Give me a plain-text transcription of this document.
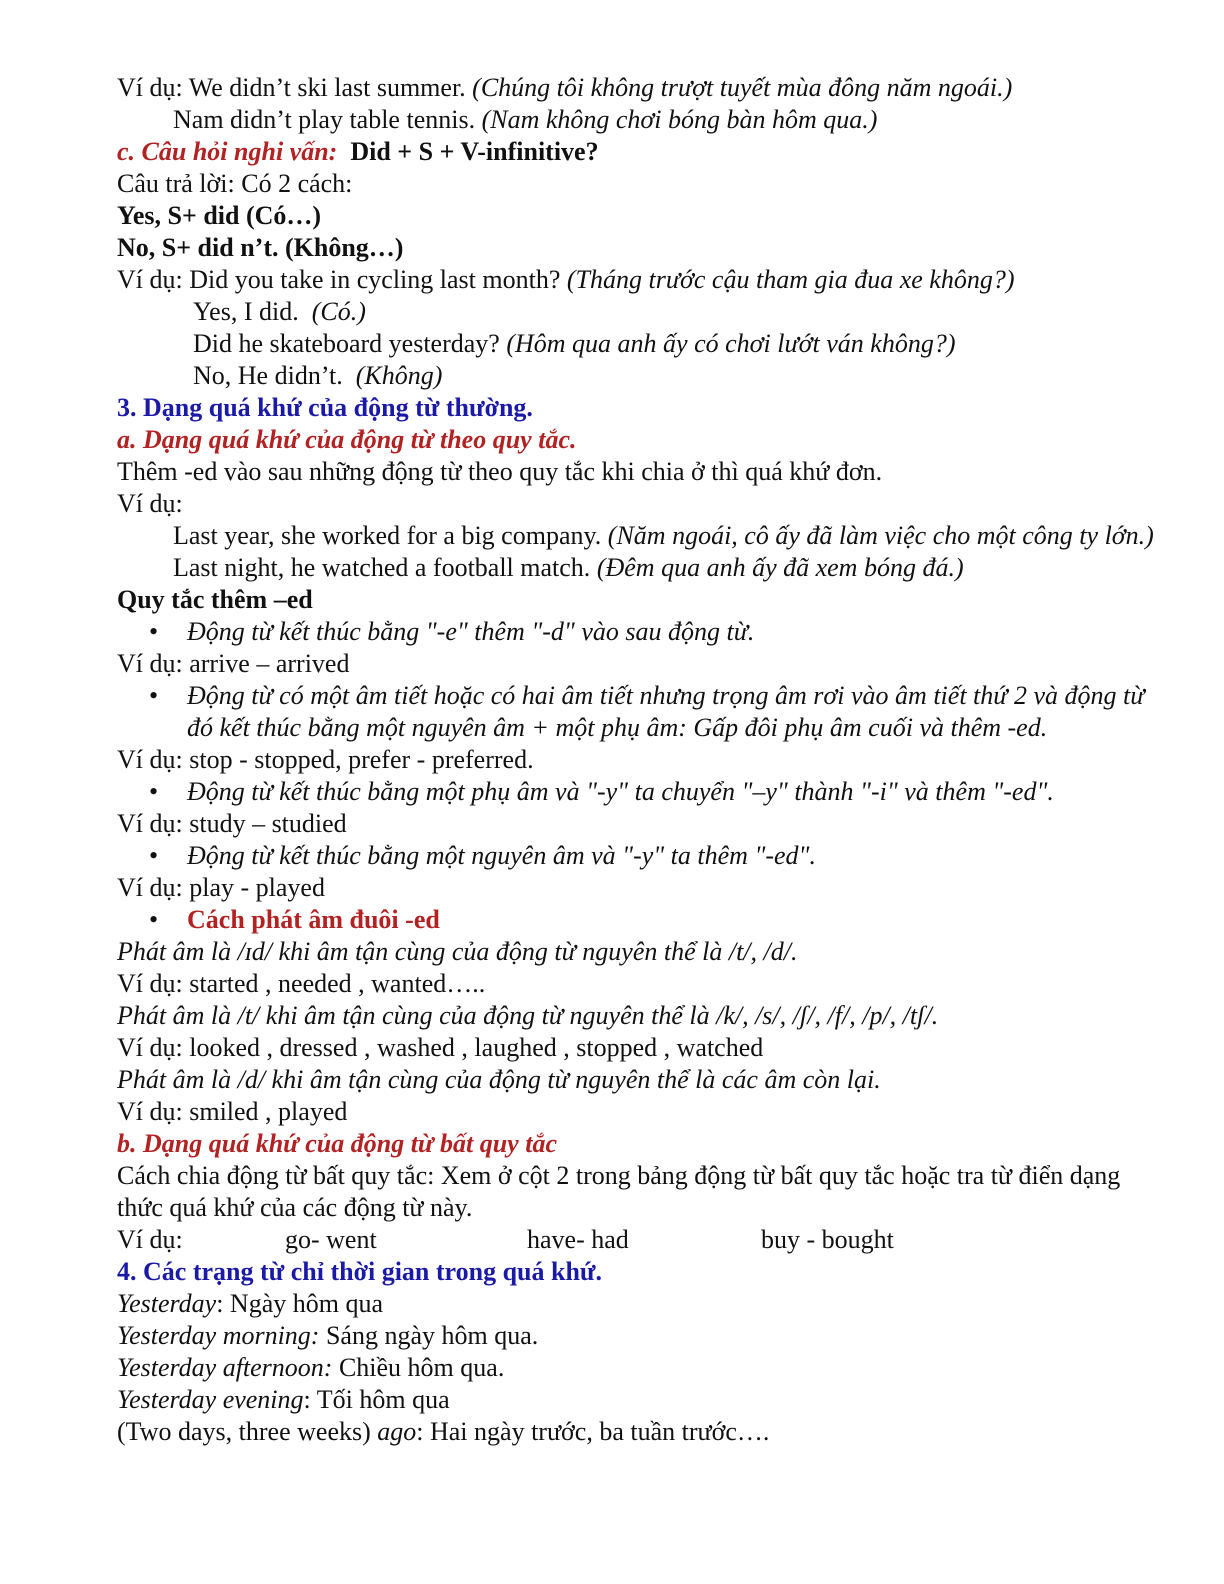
Ví dụ: We didn’t ski last summer. (Chúng tôi không trượt tuyết mùa đông năm ngoái.)
Nam didn’t play table tennis. (Nam không chơi bóng bàn hôm qua.)
c. Câu hỏi nghi vấn:  Did + S + V-infinitive?
Câu trả lời: Có 2 cách:
Yes, S+ did (Có…)
No, S+ did n’t. (Không…)
Ví dụ: Did you take in cycling last month? (Tháng trước cậu tham gia đua xe không?)
Yes, I did.  (Có.)
Did he skateboard yesterday? (Hôm qua anh ấy có chơi lướt ván không?)
No, He didn’t.  (Không)
3. Dạng quá khứ của động từ thường.
a. Dạng quá khứ của động từ theo quy tắc.
Thêm -ed vào sau những động từ theo quy tắc khi chia ở thì quá khứ đơn.
Ví dụ:
Last year, she worked for a big company. (Năm ngoái, cô ấy đã làm việc cho một công ty lớn.)
Last night, he watched a football match. (Đêm qua anh ấy đã xem bóng đá.)
Quy tắc thêm –ed
• Động từ kết thúc bằng "-e" thêm "-d" vào sau động từ.
Ví dụ: arrive – arrived
• Động từ có một âm tiết hoặc có hai âm tiết nhưng trọng âm rơi vào âm tiết thứ 2 và động từ đó kết thúc bằng một nguyên âm + một phụ âm: Gấp đôi phụ âm cuối và thêm -ed.
Ví dụ: stop - stopped, prefer - preferred.
• Động từ kết thúc bằng một phụ âm và "-y" ta chuyển "–y" thành "-i" và thêm "-ed".
Ví dụ: study – studied
• Động từ kết thúc bằng một nguyên âm và "-y" ta thêm "-ed".
Ví dụ: play - played
• Cách phát âm đuôi -ed
Phát âm là /ɪd/ khi âm tận cùng của động từ nguyên thể là /t/, /d/.
Ví dụ: started , needed , wanted…..
Phát âm là /t/ khi âm tận cùng của động từ nguyên thể là /k/, /s/, /ʃ/, /f/, /p/, /tʃ/.
Ví dụ: looked , dressed , washed , laughed , stopped , watched
Phát âm là /d/ khi âm tận cùng của động từ nguyên thể là các âm còn lại.
Ví dụ: smiled , played
b. Dạng quá khứ của động từ bất quy tắc
Cách chia động từ bất quy tắc: Xem ở cột 2 trong bảng động từ bất quy tắc hoặc tra từ điển dạng thức quá khứ của các động từ này.
Ví dụ:	go- went	have- had	buy - bought
4. Các trạng từ chỉ thời gian trong quá khứ.
Yesterday: Ngày hôm qua
Yesterday morning: Sáng ngày hôm qua.
Yesterday afternoon: Chiều hôm qua.
Yesterday evening: Tối hôm qua
(Two days, three weeks) ago: Hai ngày trước, ba tuần trước….
